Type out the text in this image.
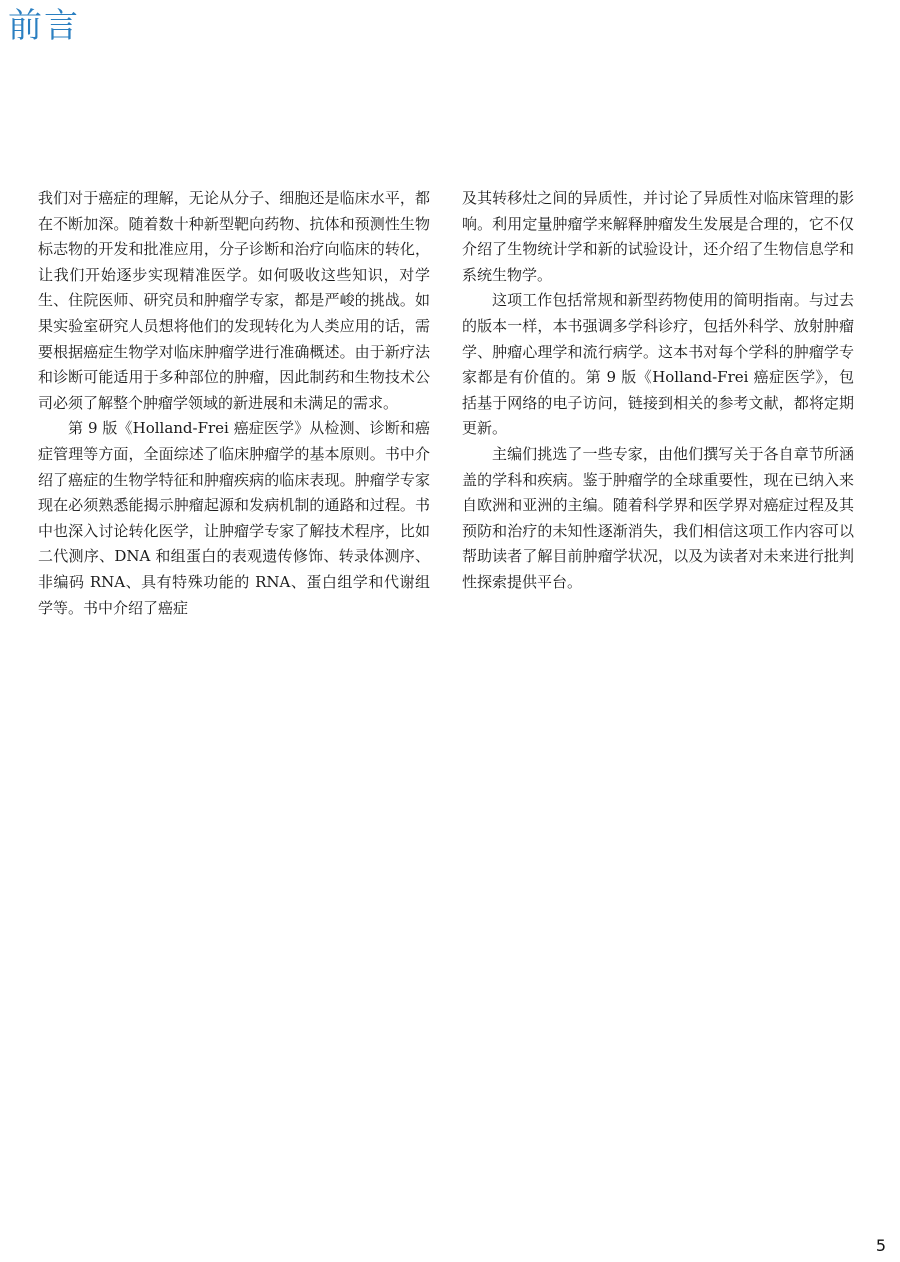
前言

我们对于癌症的理解，无论从分子、细胞还是临床水平，都在不断加深。随着数十种新型靶向药物、抗体和预测性生物标志物的开发和批准应用，分子诊断和治疗向临床的转化，让我们开始逐步实现精准医学。如何吸收这些知识，对学生、住院医师、研究员和肿瘤学专家，都是严峻的挑战。如果实验室研究人员想将他们的发现转化为人类应用的话，需要根据癌症生物学对临床肿瘤学进行准确概述。由于新疗法和诊断可能适用于多种部位的肿瘤，因此制药和生物技术公司必须了解整个肿瘤学领域的新进展和未满足的需求。

第 9 版《Holland-Frei 癌症医学》从检测、诊断和癌症管理等方面，全面综述了临床肿瘤学的基本原则。书中介绍了癌症的生物学特征和肿瘤疾病的临床表现。肿瘤学专家现在必须熟悉能揭示肿瘤起源和发病机制的通路和过程。书中也深入讨论转化医学，让肿瘤学专家了解技术程序，比如二代测序、DNA 和组蛋白的表观遗传修饰、转录体测序、非编码 RNA、具有特殊功能的 RNA、蛋白组学和代谢组学等。书中介绍了癌症

及其转移灶之间的异质性，并讨论了异质性对临床管理的影响。利用定量肿瘤学来解释肿瘤发生发展是合理的，它不仅介绍了生物统计学和新的试验设计，还介绍了生物信息学和系统生物学。

这项工作包括常规和新型药物使用的简明指南。与过去的版本一样，本书强调多学科诊疗，包括外科学、放射肿瘤学、肿瘤心理学和流行病学。这本书对每个学科的肿瘤学专家都是有价值的。第 9 版《Holland-Frei 癌症医学》，包括基于网络的电子访问，链接到相关的参考文献，都将定期更新。

主编们挑选了一些专家，由他们撰写关于各自章节所涵盖的学科和疾病。鉴于肿瘤学的全球重要性，现在已纳入来自欧洲和亚洲的主编。随着科学界和医学界对癌症过程及其预防和治疗的未知性逐渐消失，我们相信这项工作内容可以帮助读者了解目前肿瘤学状况，以及为读者对未来进行批判性探索提供平台。

5
